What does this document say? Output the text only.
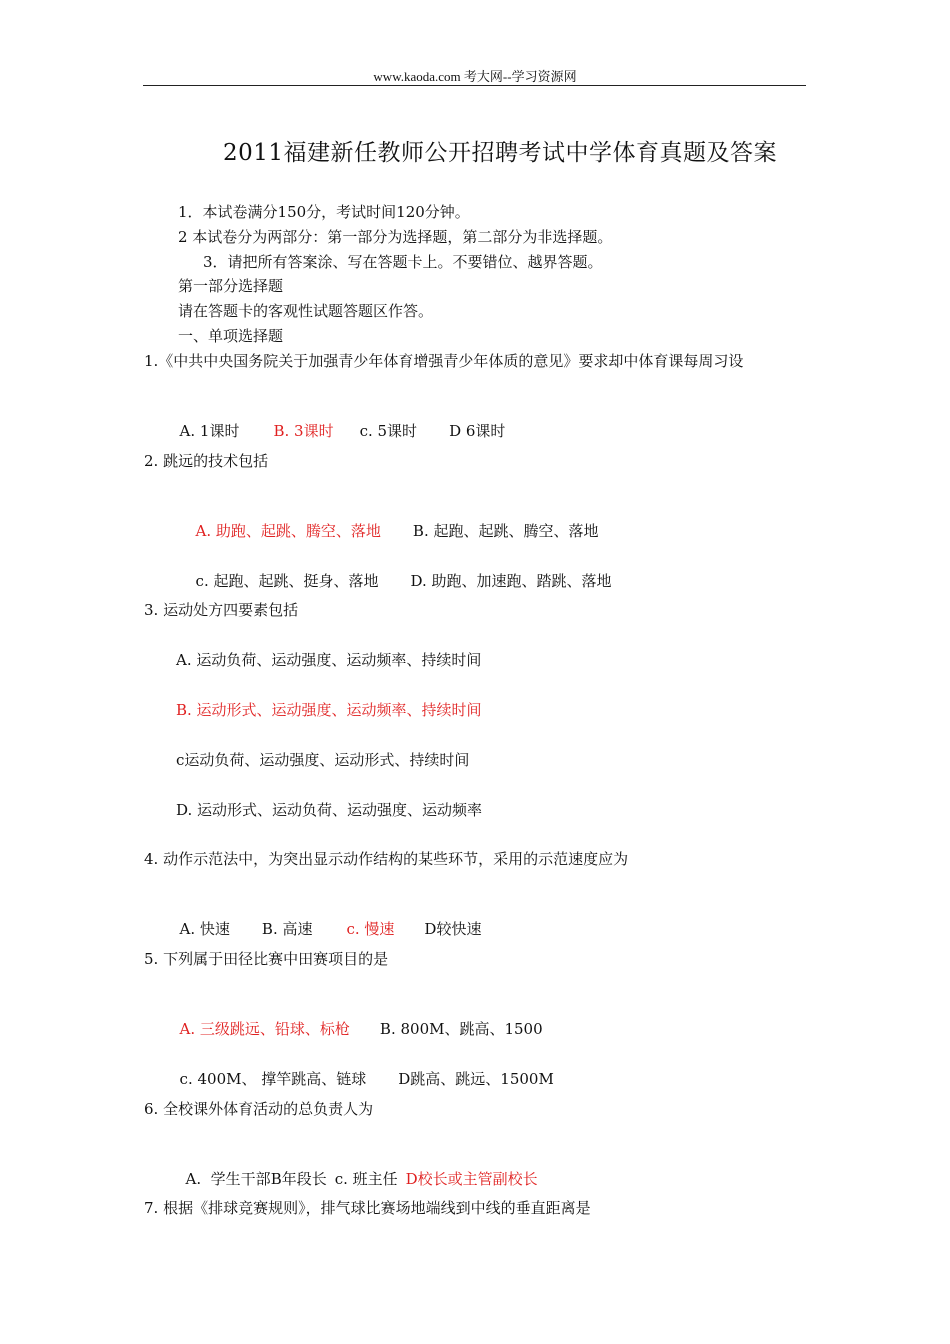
www.kaoda.com 考大网--学习资源网
2011福建新任教师公开招聘考试中学体育真题及答案
1．本试卷满分150分，考试时间120分钟。
2 本试卷分为两部分：第一部分为选择题，第二部分为非选择题。
3．请把所有答案涂、写在答题卡上。不要错位、越界答题。
第一部分选择题
请在答题卡的客观性试题答题区作答。
一、单项选择题
1.《中共中央国务院关于加强青少年体育增强青少年体质的意见》要求却中体育课每周习设

A. 1课时 B. 3课时 c. 5课时 D 6课时

2. 跳远的技术包括

A. 助跑、起跳、腾空、落地 B. 起跑、起跳、腾空、落地

c. 起跑、起跳、挺身、落地 D. 助跑、加速跑、踏跳、落地

3. 运动处方四要素包括
A. 运动负荷、运动强度、运动频率、持续时间
B. 运动形式、运动强度、运动频率、持续时间
c运动负荷、运动强度、运动形式、持续时间
D. 运动形式、运动负荷、运动强度、运动频率
4. 动作示范法中，为突出显示动作结构的某些环节，采用的示范速度应为

A. 快速 B. 高速 c. 慢速 D较快速

5. 下列属于田径比赛中田赛项目的是

A. 三级跳远、铅球、标枪 B. 800M、跳高、1500

c. 400M、 撑竿跳高、链球 D跳高、跳远、1500M

6. 全校课外体育活动的总负责人为

A.  学生干部B年段长 c. 班主任 D校长或主管副校长

7. 根据《排球竞赛规则》，排气球比赛场地端线到中线的垂直距离是
